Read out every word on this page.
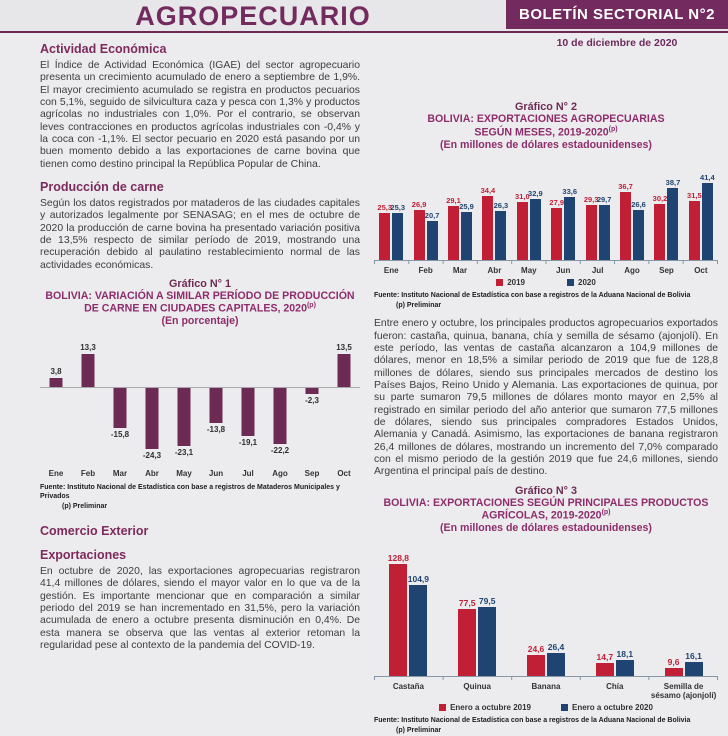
AGROPECUARIO	BOLETÍN SECTORIAL N°2
10 de diciembre de 2020
Actividad Económica

El Índice de Actividad Económica (IGAE) del sector agropecuario presenta un crecimiento acumulado de enero a septiembre de 1,9%. El mayor crecimiento acumulado se registra en productos pecuarios con 5,1%, seguido de silvicultura caza y pesca con 1,3% y productos agrícolas no industriales con 1,0%. Por el contrario, se observan leves contracciones en productos agrícolas industriales con -0,4% y la coca con -1,1%. El sector pecuario en 2020 está pasando por un buen momento debido a las exportaciones de carne bovina que tienen como destino principal la República Popular de China.

Producción de carne

Según los datos registrados por mataderos de las ciudades capitales y autorizados legalmente por SENASAG; en el mes de octubre de 2020 la producción de carne bovina ha presentado variación positiva de 13,5% respecto de similar período de 2019, mostrando una recuperación debido al paulatino restablecimiento normal de las actividades económicas.

Gráfico N° 1
BOLIVIA: VARIACIÓN A SIMILAR PERÍODO DE PRODUCCIÓN
DE CARNE EN CIUDADES CAPITALES, 2020$^{(p)}$
(En porcentaje)
3,8
13,3
-15,8
-24,3 -23,1
-13,8
-19,1
-22,2
-2,3
13,5
Ene	Feb	Mar	Abr	May	Jun	Jul	Ago	Sep	Oct
Fuente: Instituto Nacional de Estadística con base a registros de Mataderos Municipales y Privados
(p) Preliminar
Comercio Exterior
Exportaciones

En octubre de 2020, las exportaciones agropecuarias registraron 41,4 millones de dólares, siendo el mayor valor en lo que va de la gestión. Es importante mencionar que en comparación a similar periodo del 2019 se han incrementado en 31,5%, pero la variación acumulada de enero a octubre presenta disminución en 0,4%. De esta manera se observa que las ventas al exterior retoman la regularidad pese al contexto de la pandemia del COVID-19.

Gráfico N° 2
BOLIVIA: EXPORTACIONES AGROPECUARIAS
SEGÚN MESES, 2019-2020$^{(p)}$
(En millones de dólares estadounidenses)
25,3
25,3 26,9
20,7
29,1
25,9
34,4
26,3
31,0
32,9
27,9
33,6
29,3
29,7
36,7
26,6
30,2
38,7
31,5
41,4
Ene	Feb	Mar	Abr	May	Jun	Jul	Ago	Sep	Oct
2019	2020
Fuente: Instituto Nacional de Estadística con base a registros de la Aduana Nacional de Bolivia
(p) Preliminar

Entre enero y octubre, los principales productos agropecuarios exportados fueron: castaña, quinua, banana, chía y semilla de sésamo (ajonjolí). En este período, las ventas de castaña alcanzaron a 104,9 millones de dólares, menor en 18,5% a similar periodo de 2019 que fue de 128,8 millones de dólares, siendo sus principales mercados de destino los Países Bajos, Reino Unido y Alemania. Las exportaciones de quinua, por su parte sumaron 79,5 millones de dólares monto mayor en 2,5% al registrado en similar periodo del año anterior que sumaron 77,5 millones de dólares, siendo sus principales compradores Estados Unidos, Alemania y Canadá. Asimismo, las exportaciones de banana registraron 26,4 millones de dólares, mostrando un incremento del 7,0% comparado con el mismo periodo de la gestión 2019 que fue 24,6 millones, siendo Argentina el principal país de destino.

Gráfico N° 3
BOLIVIA: EXPORTACIONES SEGÚN PRINCIPALES PRODUCTOS
AGRÍCOLAS, 2019-2020$^{(p)}$
(En millones de dólares estadounidenses)
128,8
104,9
77,5 79,5
24,6 26,4
14,7 18,1
9,6
16,1
Castaña	Quinua	Banana	Chía	Semilla de sésamo (ajonjolí)
Enero a octubre 2019	Enero a octubre 2020
Fuente: Instituto Nacional de Estadística con base a registros de la Aduana Nacional de Bolivia
(p) Preliminar
